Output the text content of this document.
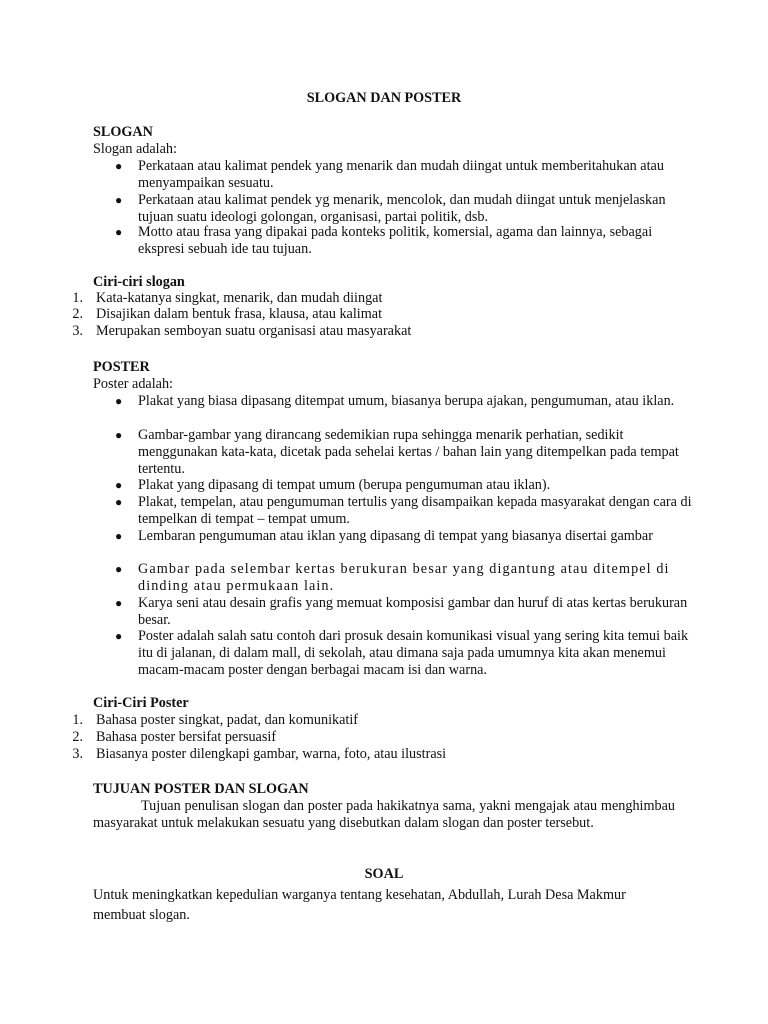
SLOGAN DAN POSTER
SLOGAN
Slogan adalah:
● Perkataan atau kalimat pendek yang menarik dan mudah diingat untuk memberitahukan atau menyampaikan sesuatu.
● Perkataan atau kalimat pendek yg menarik, mencolok, dan mudah diingat untuk menjelaskan tujuan suatu ideologi golongan, organisasi, partai politik, dsb.
● Motto atau frasa yang dipakai pada konteks politik, komersial, agama dan lainnya, sebagai ekspresi sebuah ide tau tujuan.
Ciri-ciri slogan
1. Kata-katanya singkat, menarik, dan mudah diingat
2. Disajikan dalam bentuk frasa, klausa, atau kalimat
3. Merupakan semboyan suatu organisasi atau masyarakat
POSTER
Poster adalah:
● Plakat yang biasa dipasang ditempat umum, biasanya berupa ajakan, pengumuman, atau iklan.
● Gambar-gambar yang dirancang sedemikian rupa sehingga menarik perhatian, sedikit menggunakan kata-kata, dicetak pada sehelai kertas / bahan lain yang ditempelkan pada tempat tertentu.
● Plakat yang dipasang di tempat umum (berupa pengumuman atau iklan).
● Plakat, tempelan, atau pengumuman tertulis yang disampaikan kepada masyarakat dengan cara di tempelkan di tempat – tempat umum.
● Lembaran pengumuman atau iklan yang dipasang di tempat yang biasanya disertai gambar
● Gambar pada selembar kertas berukuran besar yang digantung atau ditempel di dinding atau permukaan lain.
● Karya seni atau desain grafis yang memuat komposisi gambar dan huruf di atas kertas berukuran besar.
● Poster adalah salah satu contoh dari prosuk desain komunikasi visual yang sering kita temui baik itu di jalanan, di dalam mall, di sekolah, atau dimana saja pada umumnya kita akan menemui macam-macam poster dengan berbagai macam isi dan warna.
Ciri-Ciri Poster
1. Bahasa poster singkat, padat, dan komunikatif
2. Bahasa poster bersifat persuasif
3. Biasanya poster dilengkapi gambar, warna, foto, atau ilustrasi
TUJUAN POSTER DAN SLOGAN
Tujuan penulisan slogan dan poster pada hakikatnya sama, yakni mengajak atau menghimbau masyarakat untuk melakukan sesuatu yang disebutkan dalam slogan dan poster tersebut.
SOAL
Untuk meningkatkan kepedulian warganya tentang kesehatan, Abdullah, Lurah Desa Makmur membuat slogan.
